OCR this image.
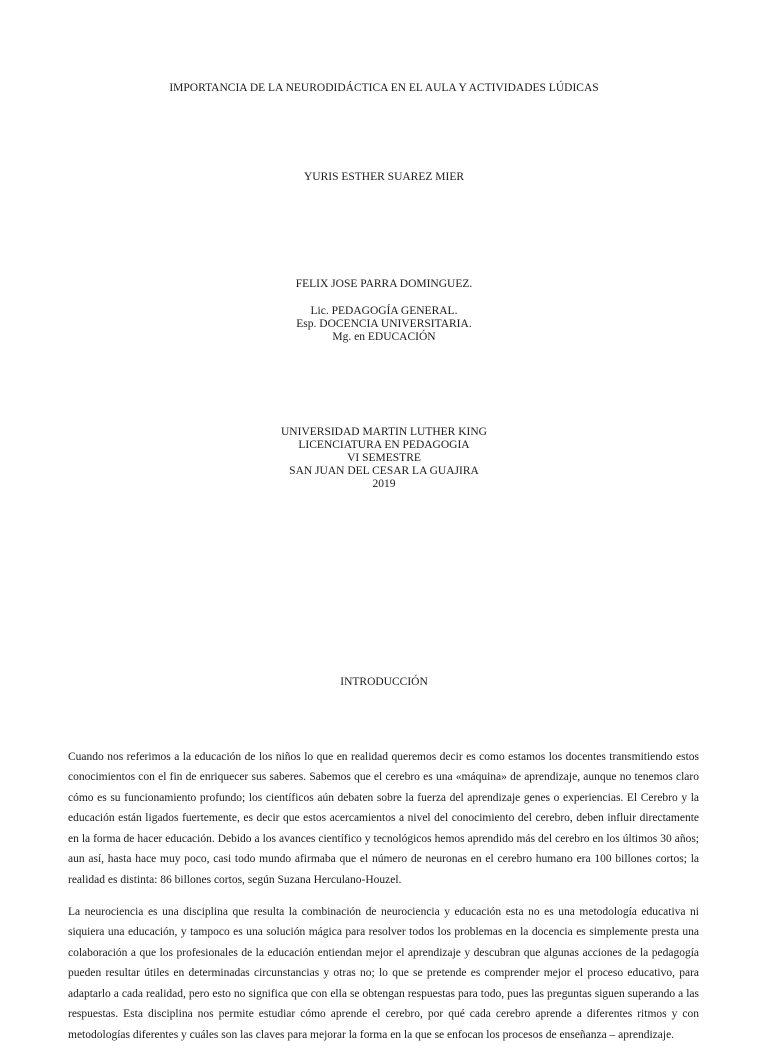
IMPORTANCIA DE LA NEURODIDÁCTICA EN EL AULA Y ACTIVIDADES LÚDICAS
YURIS ESTHER SUAREZ MIER
FELIX JOSE PARRA DOMINGUEZ.
Lic. PEDAGOGÍA GENERAL.
Esp. DOCENCIA UNIVERSITARIA.
Mg. en EDUCACIÓN
UNIVERSIDAD MARTIN LUTHER KING
LICENCIATURA EN PEDAGOGIA
VI SEMESTRE
SAN JUAN DEL CESAR LA GUAJIRA
2019
INTRODUCCIÓN

Cuando nos referimos a la educación de los niños lo que en realidad queremos decir es como estamos los docentes transmitiendo estos conocimientos con el fin de enriquecer sus saberes. Sabemos que el cerebro es una «máquina» de aprendizaje, aunque no tenemos claro cómo es su funcionamiento profundo; los científicos aún debaten sobre la fuerza del aprendizaje genes o experiencias. El Cerebro y la educación están ligados fuertemente, es decir que estos acercamientos a nivel del conocimiento del cerebro, deben influir directamente en la forma de hacer educación. Debido a los avances científico y tecnológicos hemos aprendido más del cerebro en los últimos 30 años; aun así, hasta hace muy poco, casi todo mundo afirmaba que el número de neuronas en el cerebro humano era 100 billones cortos; la realidad es distinta: 86 billones cortos, según Suzana Herculano-Houzel.

La neurociencia es una disciplina que resulta la combinación de neurociencia y educación esta no es una metodología educativa ni siquiera una educación, y tampoco es una solución mágica para resolver todos los problemas en la docencia es simplemente presta una colaboración a que los profesionales de la educación entiendan mejor el aprendizaje y descubran que algunas acciones de la pedagogía pueden resultar útiles en determinadas circunstancias y otras no; lo que se pretende es comprender mejor el proceso educativo, para adaptarlo a cada realidad, pero esto no significa que con ella se obtengan respuestas para todo, pues las preguntas siguen superando a las respuestas. Esta disciplina nos permite estudiar cómo aprende el cerebro, por qué cada cerebro aprende a diferentes ritmos y con metodologías diferentes y cuáles son las claves para mejorar la forma en la que se enfocan los procesos de enseñanza – aprendizaje.
